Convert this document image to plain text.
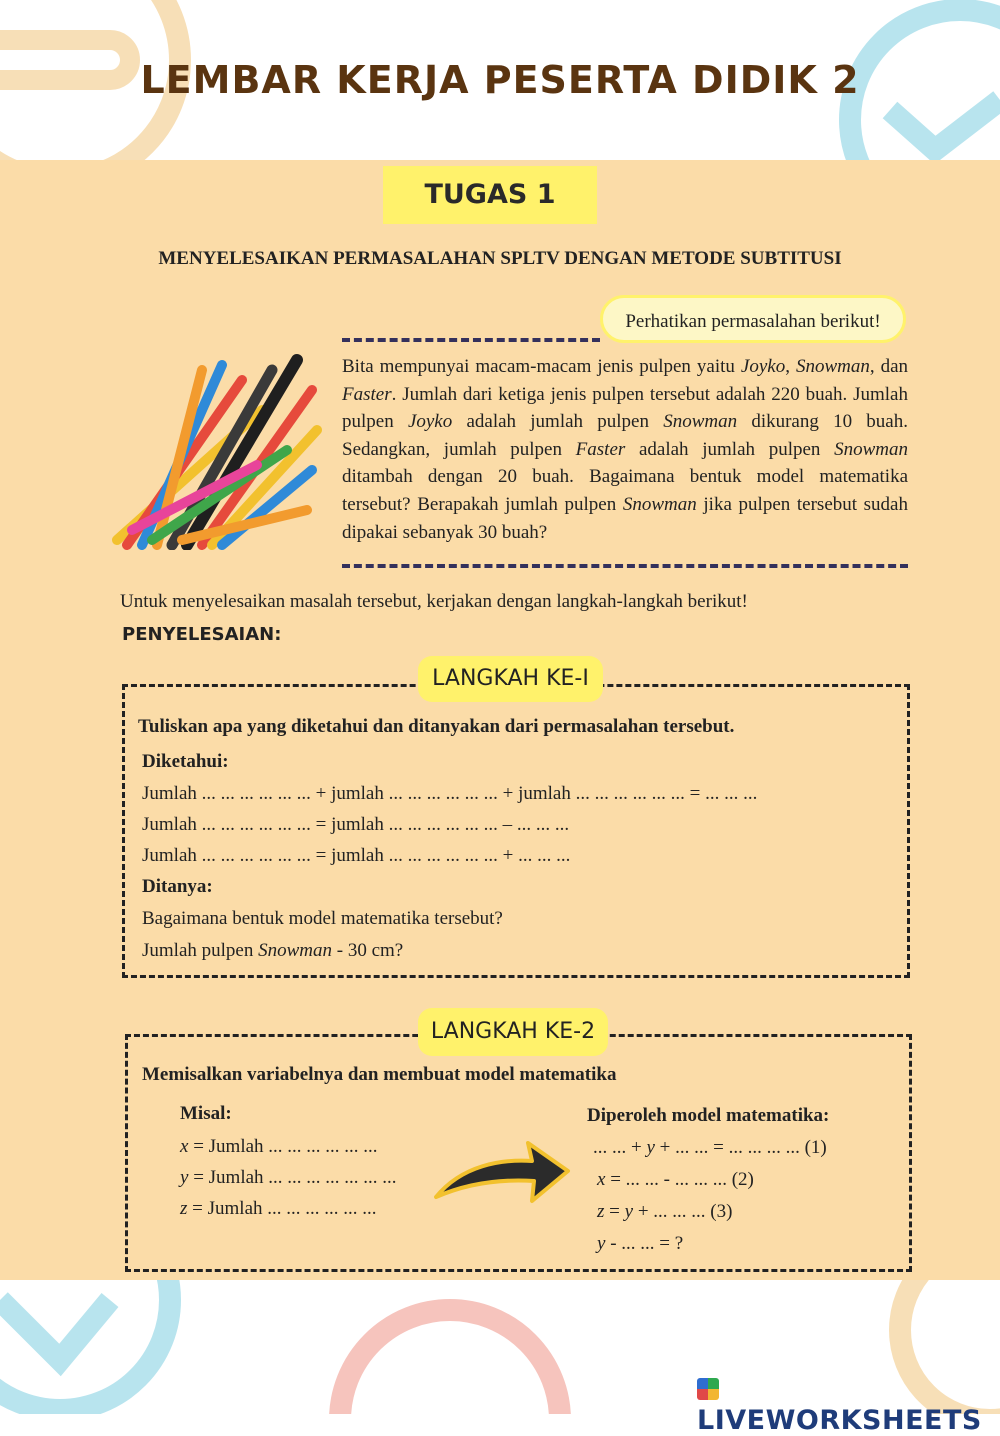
LEMBAR KERJA PESERTA DIDIK 2
TUGAS 1
MENYELESAIKAN PERMASALAHAN SPLTV DENGAN METODE SUBTITUSI
Perhatikan permasalahan berikut!
Bita mempunyai macam-macam jenis pulpen yaitu Joyko, Snowman, dan Faster. Jumlah dari ketiga jenis pulpen tersebut adalah 220 buah. Jumlah pulpen Joyko adalah jumlah pulpen Snowman dikurang 10 buah. Sedangkan, jumlah pulpen Faster adalah jumlah pulpen Snowman ditambah dengan 20 buah. Bagaimana bentuk model matematika tersebut? Berapakah jumlah pulpen Snowman jika pulpen tersebut sudah dipakai sebanyak 30 buah?
Untuk menyelesaikan masalah tersebut, kerjakan dengan langkah-langkah berikut!
PENYELESAIAN:
LANGKAH KE-I
Tuliskan apa yang diketahui dan ditanyakan dari permasalahan tersebut.
Diketahui:
Jumlah ... ... ... ... ... ... + jumlah ... ... ... ... ... ... + jumlah ... ... ... ... ... ... = ... ... ...
Jumlah ... ... ... ... ... ... = jumlah ... ... ... ... ... ... – ... ... ...
Jumlah ... ... ... ... ... ... = jumlah ... ... ... ... ... ... + ... ... ...
Ditanya:
Bagaimana bentuk model matematika tersebut?
Jumlah pulpen Snowman - 30 cm?
LANGKAH KE-2
Memisalkan variabelnya dan membuat model matematika
Misal:
x = Jumlah ... ... ... ... ... ...
y = Jumlah ... ... ... ... ... ... ...
z = Jumlah ... ... ... ... ... ...
Diperoleh model matematika:
... ... + y + ... ... = ... ... ... ... (1)
x = ... ... - ... ... ... (2)
z = y + ... ... ... (3)
y - ... ... = ?
LIVEWORKSHEETS
